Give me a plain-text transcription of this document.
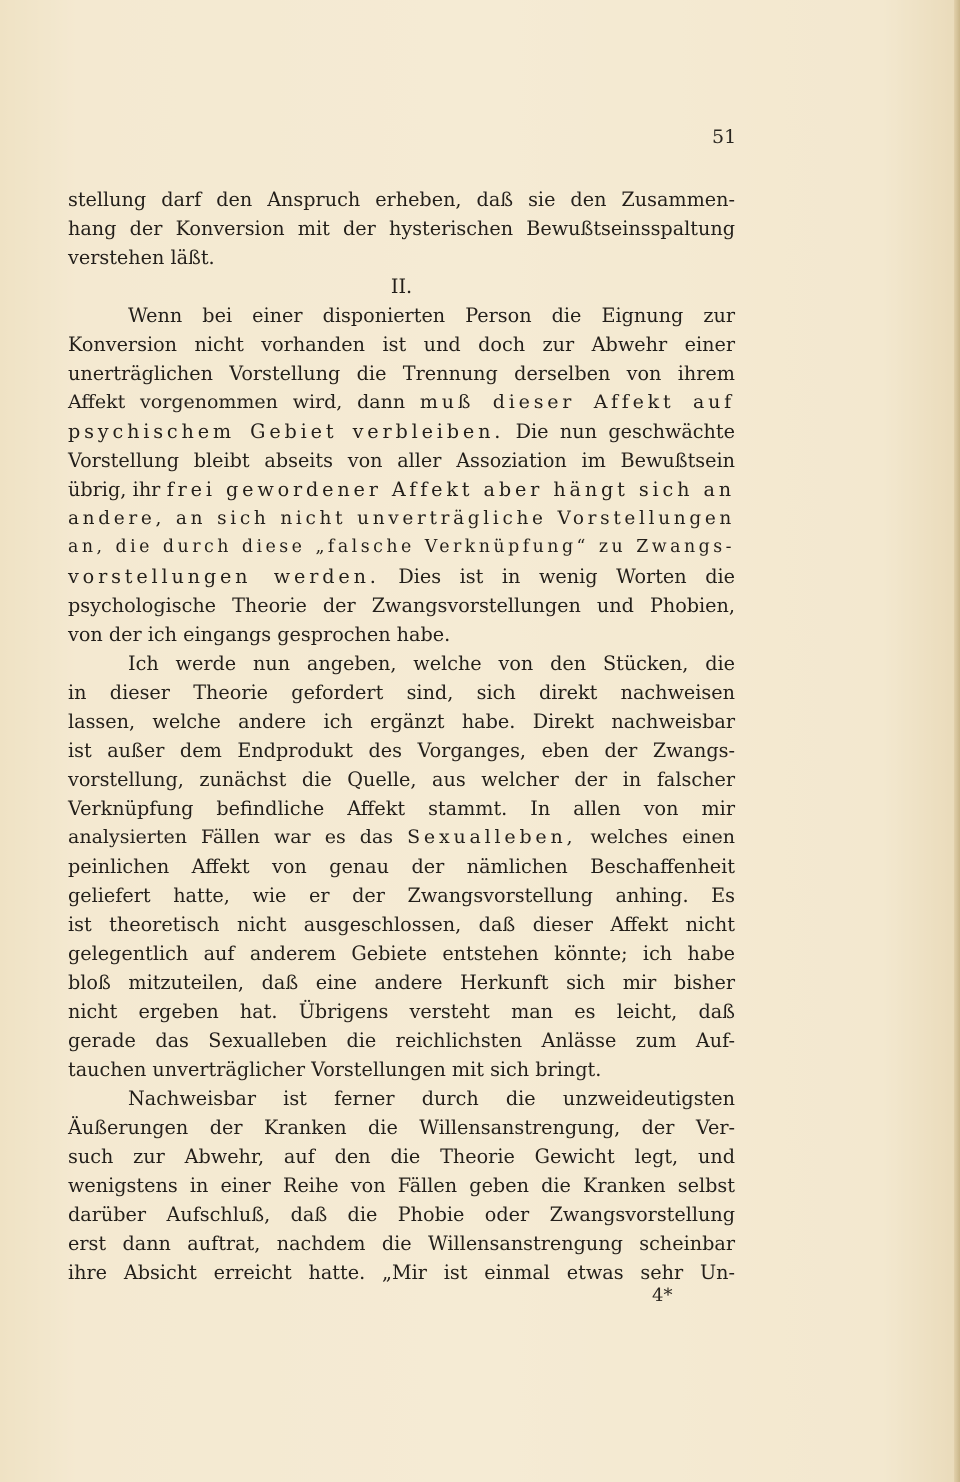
51
stellung darf den Anspruch erheben, daß sie den Zusammen-
hang der Konversion mit der hysterischen Bewußtseinsspaltung
verstehen läßt.
II.
Wenn bei einer disponierten Person die Eignung zur
Konversion nicht vorhanden ist und doch zur Abwehr einer
unerträglichen Vorstellung die Trennung derselben von ihrem
Affekt vorgenommen wird, dann muß dieser Affekt auf
psychischem Gebiet verbleiben. Die nun geschwächte
Vorstellung bleibt abseits von aller Assoziation im Bewußtsein
übrig, ihr frei gewordener Affekt aber hängt sich an
andere, an sich nicht unverträgliche Vorstellungen
an, die durch diese „falsche Verknüpfung“ zu Zwangs-
vorstellungen werden. Dies ist in wenig Worten die
psychologische Theorie der Zwangsvorstellungen und Phobien,
von der ich eingangs gesprochen habe.
Ich werde nun angeben, welche von den Stücken, die
in dieser Theorie gefordert sind, sich direkt nachweisen
lassen, welche andere ich ergänzt habe. Direkt nachweisbar
ist außer dem Endprodukt des Vorganges, eben der Zwangs-
vorstellung, zunächst die Quelle, aus welcher der in falscher
Verknüpfung befindliche Affekt stammt. In allen von mir
analysierten Fällen war es das Sexualleben, welches einen
peinlichen Affekt von genau der nämlichen Beschaffenheit
geliefert hatte, wie er der Zwangsvorstellung anhing. Es
ist theoretisch nicht ausgeschlossen, daß dieser Affekt nicht
gelegentlich auf anderem Gebiete entstehen könnte; ich habe
bloß mitzuteilen, daß eine andere Herkunft sich mir bisher
nicht ergeben hat. Übrigens versteht man es leicht, daß
gerade das Sexualleben die reichlichsten Anlässe zum Auf-
tauchen unverträglicher Vorstellungen mit sich bringt.
Nachweisbar ist ferner durch die unzweideutigsten
Äußerungen der Kranken die Willensanstrengung, der Ver-
such zur Abwehr, auf den die Theorie Gewicht legt, und
wenigstens in einer Reihe von Fällen geben die Kranken selbst
darüber Aufschluß, daß die Phobie oder Zwangsvorstellung
erst dann auftrat, nachdem die Willensanstrengung scheinbar
ihre Absicht erreicht hatte. „Mir ist einmal etwas sehr Un-
4*
